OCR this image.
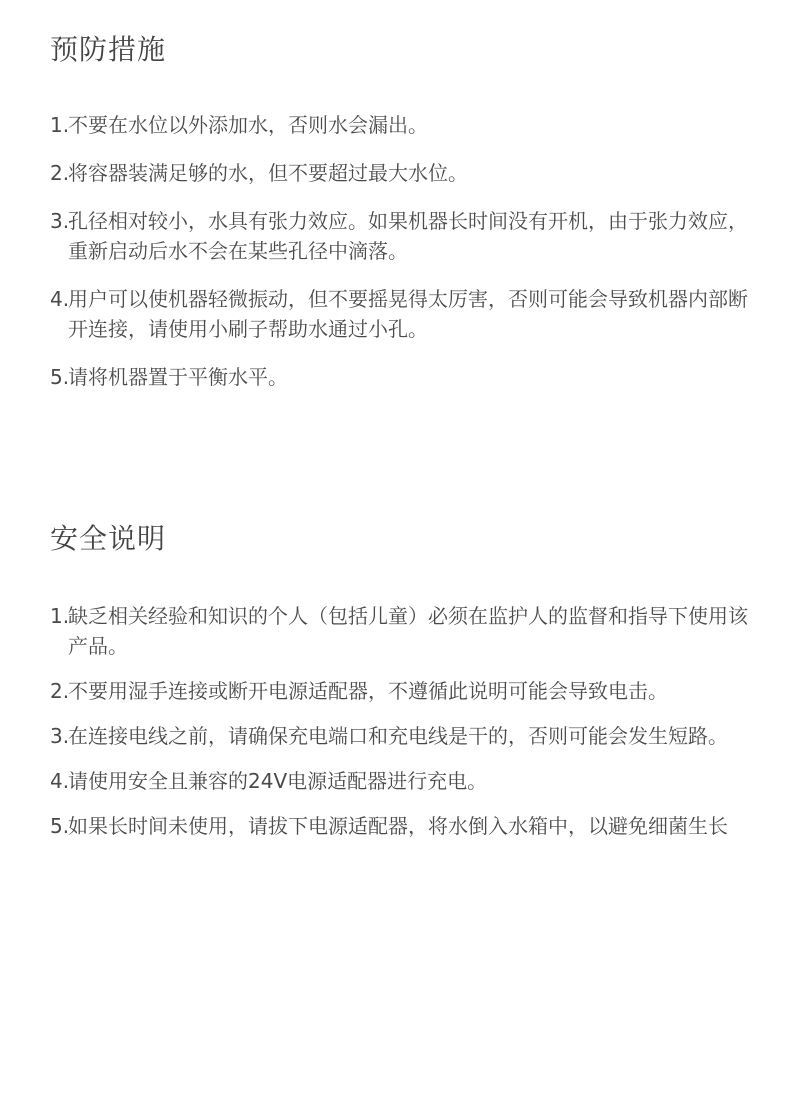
预防措施
1.
不要在水位以外添加水，否则水会漏出。
2.
将容器装满足够的水，但不要超过最大水位。
3.
孔径相对较小，水具有张力效应。如果机器长时间没有开机，由于张力效应，重新启动后水不会在某些孔径中滴落。
4.
用户可以使机器轻微振动，但不要摇晃得太厉害，否则可能会导致机器内部断开连接，请使用小刷子帮助水通过小孔。
5.
请将机器置于平衡水平。
安全说明
1.
缺乏相关经验和知识的个人（包括儿童）必须在监护人的监督和指导下使用该产品。
2.
不要用湿手连接或断开电源适配器，不遵循此说明可能会导致电击。
3.
在连接电线之前，请确保充电端口和充电线是干的，否则可能会发生短路。
4.
请使用安全且兼容的24V电源适配器进行充电。
5.
如果长时间未使用，请拔下电源适配器，将水倒入水箱中，以避免细菌生长
